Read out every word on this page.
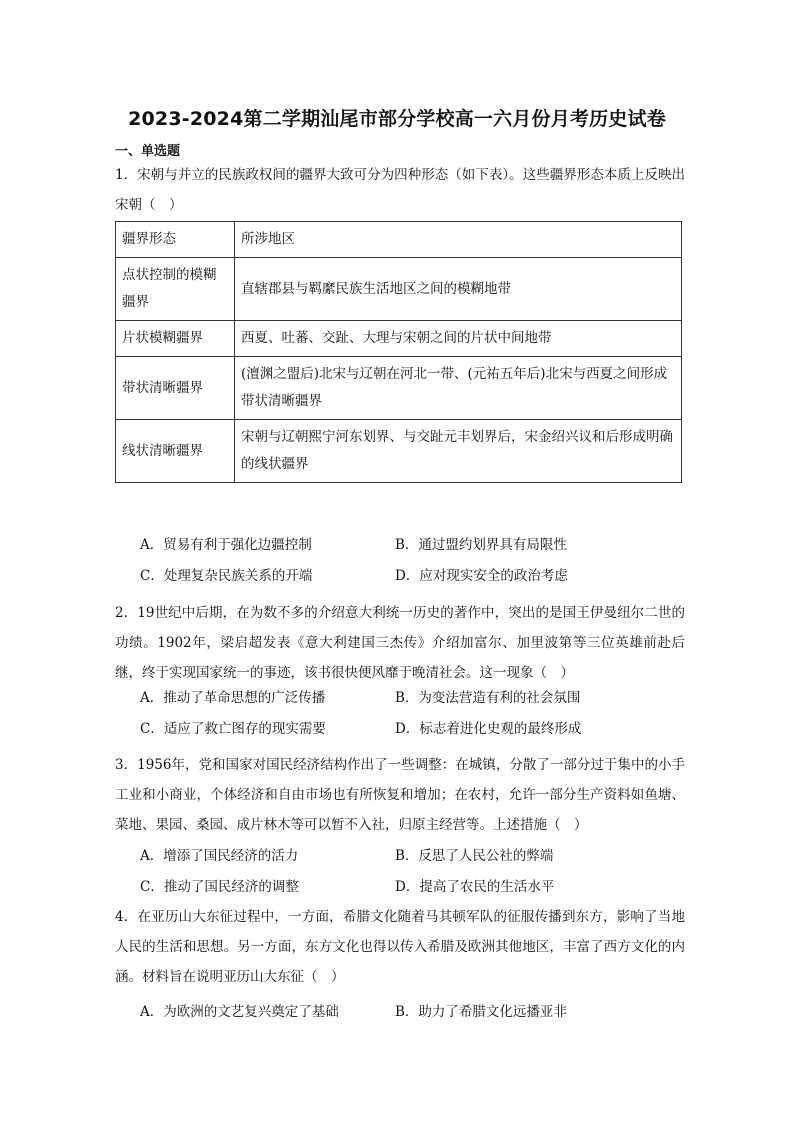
2023-2024第二学期汕尾市部分学校高一六月份月考历史试卷
一、单选题
1．宋朝与并立的民族政权间的疆界大致可分为四种形态（如下表）。这些疆界形态本质上反映出宋朝（　）
疆界形态	所涉地区
点状控制的模糊疆界	直辖郡县与羁縻民族生活地区之间的模糊地带
片状模糊疆界	西夏、吐蕃、交趾、大理与宋朝之间的片状中间地带
带状清晰疆界	(澶渊之盟后)北宋与辽朝在河北一带、(元祐五年后)北宋与西夏之间形成带状清晰疆界
线状清晰疆界	宋朝与辽朝熙宁河东划界、与交趾元丰划界后，宋金绍兴议和后形成明确的线状疆界
A．贸易有利于强化边疆控制	B．通过盟约划界具有局限性
C．处理复杂民族关系的开端	D．应对现实安全的政治考虑
2．19世纪中后期，在为数不多的介绍意大利统一历史的著作中，突出的是国王伊曼纽尔二世的功绩。1902年，梁启超发表《意大利建国三杰传》介绍加富尔、加里波第等三位英雄前赴后继，终于实现国家统一的事迹，该书很快便风靡于晚清社会。这一现象（　）
A．推动了革命思想的广泛传播	B．为变法营造有利的社会氛围
C．适应了救亡图存的现实需要	D．标志着进化史观的最终形成
3．1956年，党和国家对国民经济结构作出了一些调整：在城镇，分散了一部分过于集中的小手工业和小商业，个体经济和自由市场也有所恢复和增加；在农村，允许一部分生产资料如鱼塘、菜地、果园、桑园、成片林木等可以暂不入社，归原主经营等。上述措施（　）
A．增添了国民经济的活力	B．反思了人民公社的弊端
C．推动了国民经济的调整	D．提高了农民的生活水平
4．在亚历山大东征过程中，一方面，希腊文化随着马其顿军队的征服传播到东方，影响了当地人民的生活和思想。另一方面，东方文化也得以传入希腊及欧洲其他地区，丰富了西方文化的内涵。材料旨在说明亚历山大东征（　）
A．为欧洲的文艺复兴奠定了基础	B．助力了希腊文化远播亚非
